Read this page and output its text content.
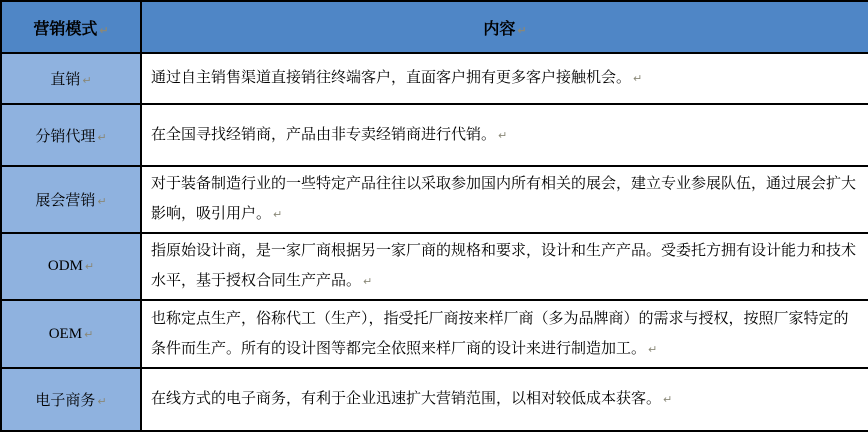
营销模式 ↵	内容 ↵
直销 ↵	通过自主销售渠道直接销往终端客户，直面客户拥有更多客户接触机会。 ↵
分销代理 ↵	在全国寻找经销商，产品由非专卖经销商进行代销。 ↵
展会营销 ↵	对于装备制造行业的一些特定产品往往以采取参加国内所有相关的展会，建立专业参展队伍，通过展会扩大影响，吸引用户。 ↵
ODM ↵	指原始设计商，是一家厂商根据另一家厂商的规格和要求，设计和生产产品。受委托方拥有设计能力和技术水平，基于授权合同生产产品。 ↵
OEM ↵	也称定点生产，俗称代工（生产），指受托厂商按来样厂商（多为品牌商）的需求与授权，按照厂家特定的条件而生产。所有的设计图等都完全依照来样厂商的设计来进行制造加工。 ↵
电子商务 ↵	在线方式的电子商务，有利于企业迅速扩大营销范围，以相对较低成本获客。 ↵
